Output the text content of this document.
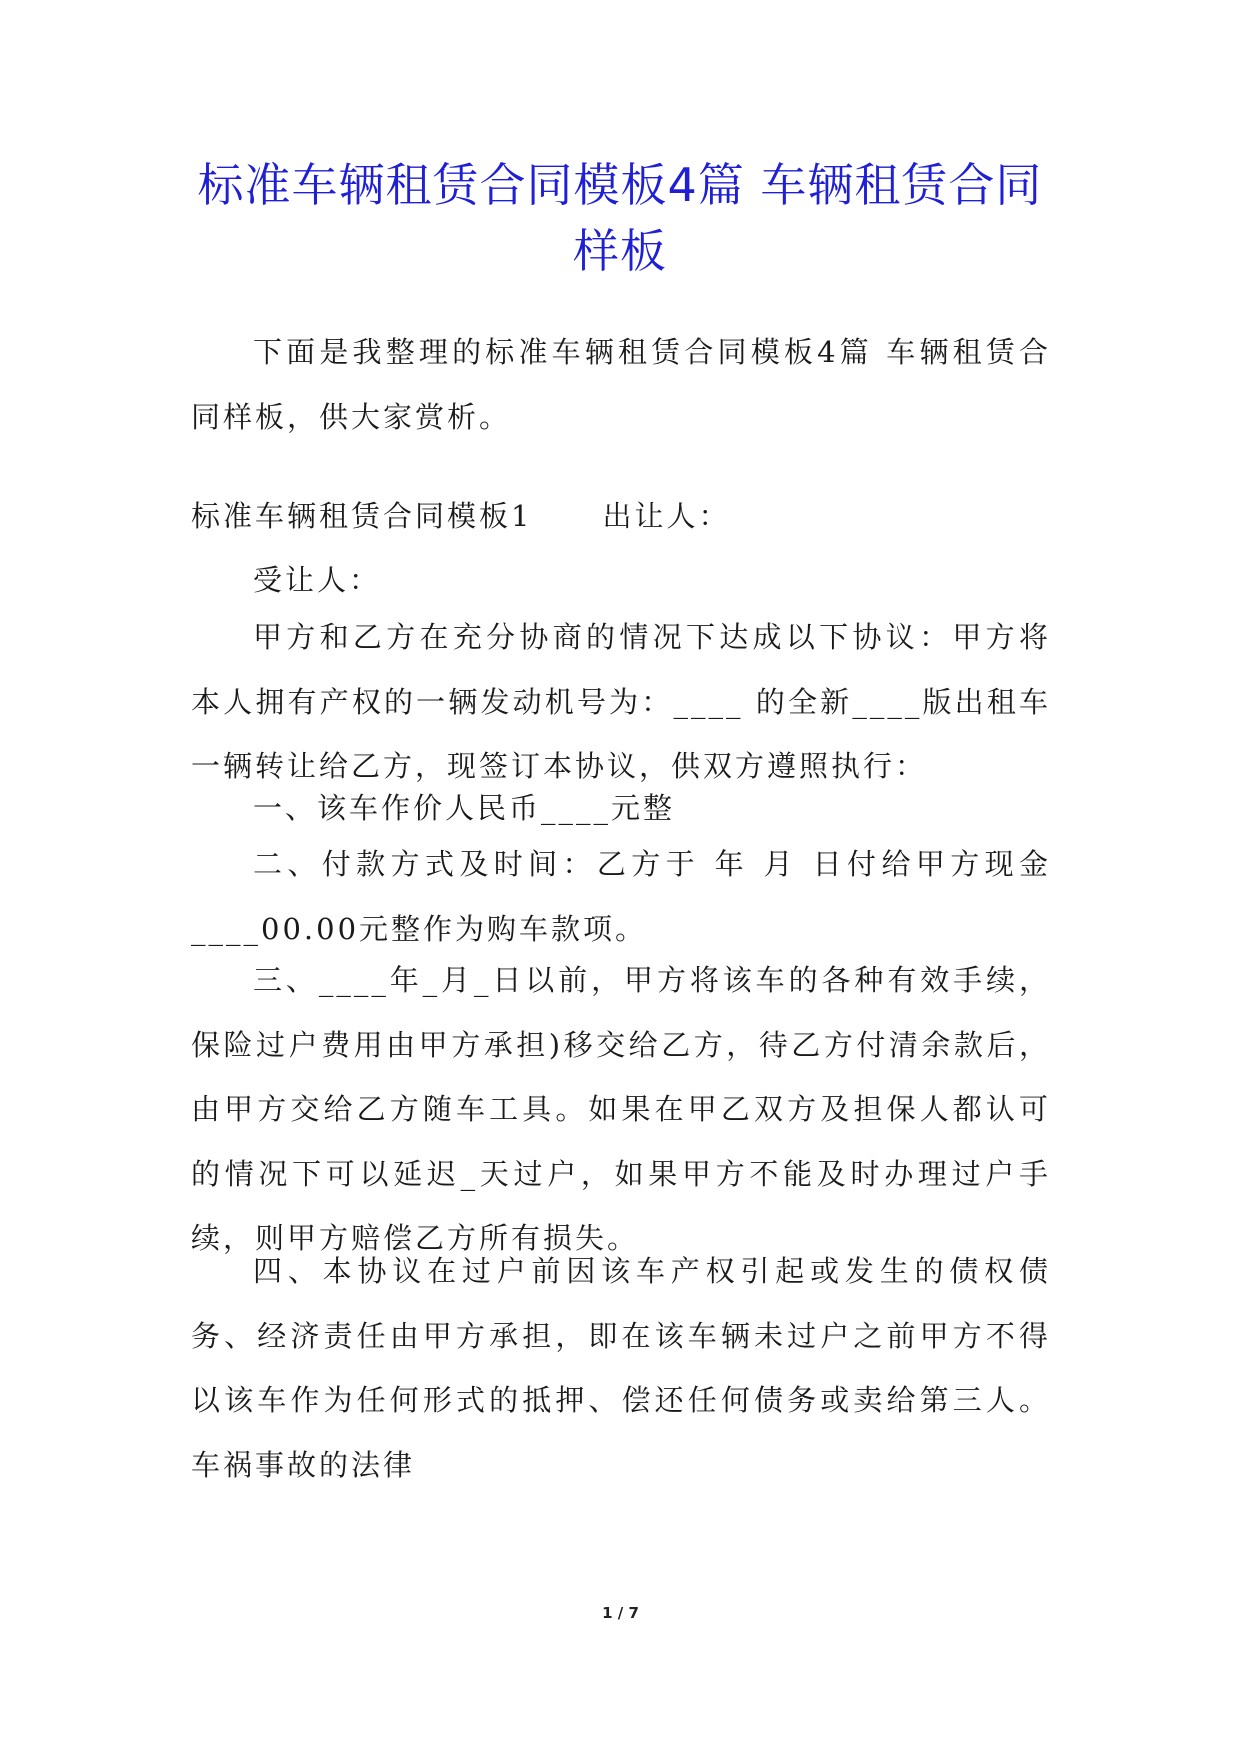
标准车辆租赁合同模板4篇 车辆租赁合同样板

下面是我整理的标准车辆租赁合同模板4篇 车辆租赁合同样板，供大家赏析。

标准车辆租赁合同模板1 出让人：

受让人：

甲方和乙方在充分协商的情况下达成以下协议：甲方将本人拥有产权的一辆发动机号为：____ 的全新____版出租车一辆转让给乙方，现签订本协议，供双方遵照执行：

一、该车作价人民币____元整

二、付款方式及时间：乙方于 年 月 日付给甲方现金____00.00元整作为购车款项。

三、____年_月_日以前，甲方将该车的各种有效手续，保险过户费用由甲方承担)移交给乙方，待乙方付清余款后，由甲方交给乙方随车工具。如果在甲乙双方及担保人都认可的情况下可以延迟_天过户，如果甲方不能及时办理过户手续，则甲方赔偿乙方所有损失。

四、本协议在过户前因该车产权引起或发生的债权债务、经济责任由甲方承担，即在该车辆未过户之前甲方不得以该车作为任何形式的抵押、偿还任何债务或卖给第三人。车祸事故的法律

1 / 7
